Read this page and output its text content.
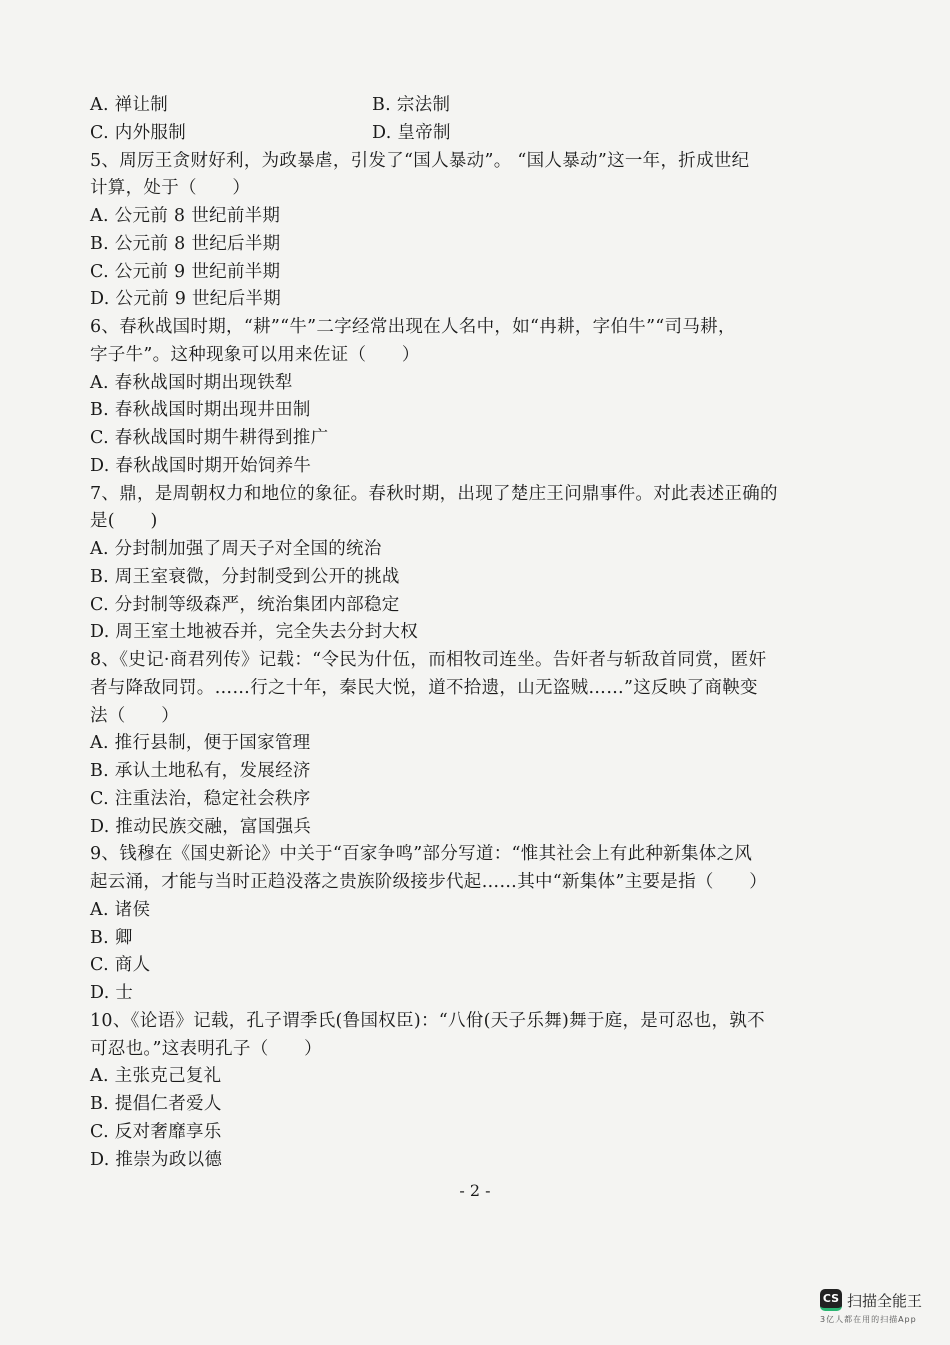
A. 禅让制	B. 宗法制
C. 内外服制	D. 皇帝制
5、周厉王贪财好利，为政暴虐，引发了“国人暴动”。 “国人暴动”这一年，折成世纪
计算，处于（　　）
A. 公元前 8 世纪前半期
B. 公元前 8 世纪后半期
C. 公元前 9 世纪前半期
D. 公元前 9 世纪后半期
6、春秋战国时期，“耕”“牛”二字经常出现在人名中，如“冉耕，字伯牛”“司马耕，
字子牛”。这种现象可以用来佐证（　　）
A. 春秋战国时期出现铁犁
B. 春秋战国时期出现井田制
C. 春秋战国时期牛耕得到推广
D. 春秋战国时期开始饲养牛
7、鼎，是周朝权力和地位的象征。春秋时期，出现了楚庄王问鼎事件。对此表述正确的
是(　　)
A. 分封制加强了周天子对全国的统治
B. 周王室衰微，分封制受到公开的挑战
C. 分封制等级森严，统治集团内部稳定
D. 周王室土地被吞并，完全失去分封大权
8、《史记·商君列传》记载：“令民为什伍，而相牧司连坐。告奸者与斩敌首同赏，匿奸
者与降敌同罚。……行之十年，秦民大悦，道不拾遗，山无盗贼……”这反映了商鞅变
法（　　）
A. 推行县制，便于国家管理
B. 承认土地私有，发展经济
C. 注重法治，稳定社会秩序
D. 推动民族交融，富国强兵
9、钱穆在《国史新论》中关于“百家争鸣”部分写道：“惟其社会上有此种新集体之风
起云涌，才能与当时正趋没落之贵族阶级接步代起……其中“新集体”主要是指（　　）
A. 诸侯
B. 卿
C. 商人
D. 士
10、《论语》记载，孔子谓季氏(鲁国权臣)：“八佾(天子乐舞)舞于庭，是可忍也，孰不
可忍也。”这表明孔子（　　）
A. 主张克己复礼
B. 提倡仁者爱人
C. 反对奢靡享乐
D. 推崇为政以德
- 2 -
CS 扫描全能王
3亿人都在用的扫描App
